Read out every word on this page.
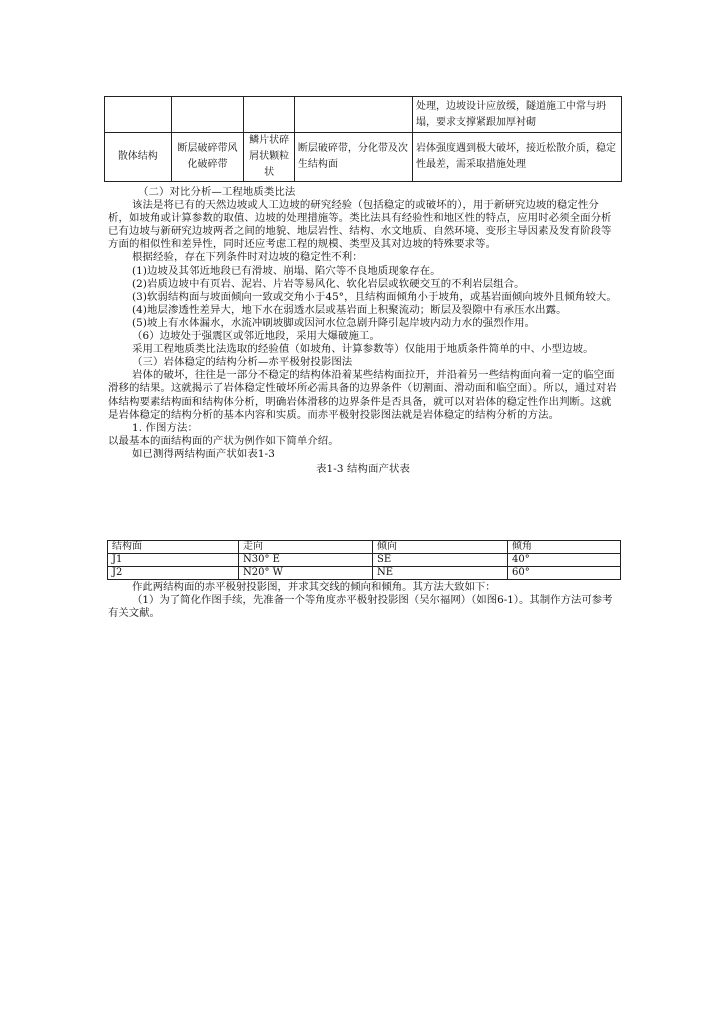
				处理，边坡设计应放缓，隧道施工中常与坍塌，要求支撑紧跟加厚衬砌
散体结构	断层破碎带风化破碎带	鳞片状碎屑状颗粒状	断层破碎带，分化带及次生结构面	岩体强度遇到极大破坏，接近松散介质，稳定性最差，需采取措施处理

（二）对比分析—工程地质类比法

该法是将已有的天然边坡或人工边坡的研究经验（包括稳定的或破坏的），用于新研究边坡的稳定性分析，如坡角或计算参数的取值、边坡的处理措施等。类比法具有经验性和地区性的特点，应用时必须全面分析已有边坡与新研究边坡两者之间的地貌、地层岩性、结构、水文地质、自然环境、变形主导因素及发育阶段等方面的相似性和差异性，同时还应考虑工程的规模、类型及其对边坡的特殊要求等。

根据经验，存在下列条件时对边坡的稳定性不利：

(1)边坡及其邻近地段已有滑坡、崩塌、陷穴等不良地质现象存在。

(2)岩质边坡中有页岩、泥岩、片岩等易风化、软化岩层或软硬交互的不利岩层组合。

(3)软弱结构面与坡面倾向一致或交角小于45°，且结构面倾角小于坡角，或基岩面倾向坡外且倾角较大。

(4)地层渗透性差异大，地下水在弱透水层或基岩面上积聚流动；断层及裂隙中有承压水出露。

(5)坡上有水体漏水，水流冲刷坡脚或因河水位急剧升降引起岸坡内动力水的强烈作用。

（6）边坡处于强震区或邻近地段，采用大爆破施工。

采用工程地质类比法选取的经验值（如坡角、计算参数等）仅能用于地质条件简单的中、小型边坡。

（三）岩体稳定的结构分析—赤平极射投影图法

岩体的破坏，往往是一部分不稳定的结构体沿着某些结构面拉开，并沿着另一些结构面向着一定的临空面滑移的结果。这就揭示了岩体稳定性破坏所必需具备的边界条件（切割面、滑动面和临空面）。所以，通过对岩体结构要素结构面和结构体分析，明确岩体滑移的边界条件是否具备，就可以对岩体的稳定性作出判断。这就是岩体稳定的结构分析的基本内容和实质。而赤平极射投影图法就是岩体稳定的结构分析的方法。

1. 作图方法：

以最基本的面结构面的产状为例作如下简单介绍。

如已测得两结构面产状如表1-3

表1-3 结构面产状表

结构面	走向	倾向	倾角
J1	N30° E	SE	40°
J2	N20° W	NE	60°

作此两结构面的赤平极射投影图，并求其交线的倾向和倾角。其方法大致如下：

（1）为了简化作图手续，先准备一个等角度赤平极射投影图（吴尔福网）（如图6-1）。其制作方法可参考有关文献。
